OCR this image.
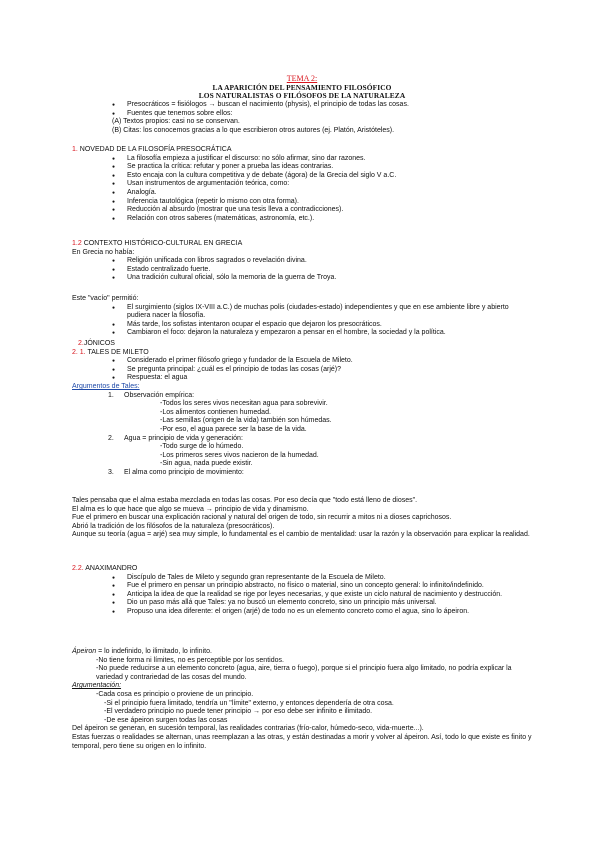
TEMA 2:
LA APARICIÓN DEL PENSAMIENTO FILOSÓFICO
LOS NATURALISTAS O FILÓSOFOS DE LA NATURALEZA
● Presocráticos = fisiólogos → buscan el nacimiento (physis), el principio de todas las cosas.
● Fuentes que tenemos sobre ellos:
(A) Textos propios: casi no se conservan.
(B) Citas: los conocemos gracias a lo que escribieron otros autores (ej. Platón, Aristóteles).
1. NOVEDAD DE LA FILOSOFÍA PRESOCRÁTICA
● La filosofía empieza a justificar el discurso: no sólo afirmar, sino dar razones.
● Se practica la crítica: refutar y poner a prueba las ideas contrarias.
● Esto encaja con la cultura competitiva y de debate (ágora) de la Grecia del siglo V a.C.
● Usan instrumentos de argumentación teórica, como:
● Analogía.
● Inferencia tautológica (repetir lo mismo con otra forma).
● Reducción al absurdo (mostrar que una tesis lleva a contradicciones).
● Relación con otros saberes (matemáticas, astronomía, etc.).
1.2 CONTEXTO HISTÓRICO-CULTURAL EN GRECIA
En Grecia no había:
● Religión unificada con libros sagrados o revelación divina.
● Estado centralizado fuerte.
● Una tradición cultural oficial, sólo la memoria de la guerra de Troya.
Este "vacío" permitió:
● El surgimiento (siglos IX-VIII a.C.) de muchas polis (ciudades-estado) independientes y que en ese ambiente libre y abierto pudiera nacer la filosofía.
● Más tarde, los sofistas intentaron ocupar el espacio que dejaron los presocráticos.
● Cambiaron el foco: dejaron la naturaleza y empezaron a pensar en el hombre, la sociedad y la política.
2.JÓNICOS
2. 1. TALES DE MILETO
● Considerado el primer filósofo griego y fundador de la Escuela de Mileto.
● Se pregunta principal: ¿cuál es el principio de todas las cosas (arjé)?
● Respuesta: el agua
Argumentos de Tales:
1. Observación empírica:
-Todos los seres vivos necesitan agua para sobrevivir.
-Los alimentos contienen humedad.
-Las semillas (origen de la vida) también son húmedas.
-Por eso, el agua parece ser la base de la vida.
2. Agua = principio de vida y generación:
-Todo surge de lo húmedo.
-Los primeros seres vivos nacieron de la humedad.
-Sin agua, nada puede existir.
3. El alma como principio de movimiento:
Tales pensaba que el alma estaba mezclada en todas las cosas. Por eso decía que "todo está lleno de dioses".
El alma es lo que hace que algo se mueva → principio de vida y dinamismo.
Fue el primero en buscar una explicación racional y natural del origen de todo, sin recurrir a mitos ni a dioses caprichosos.
Abrió la tradición de los filósofos de la naturaleza (presocráticos).
Aunque su teoría (agua = arjé) sea muy simple, lo fundamental es el cambio de mentalidad: usar la razón y la observación para explicar la realidad.
2.2. ANAXIMANDRO
● Discípulo de Tales de Mileto y segundo gran representante de la Escuela de Mileto.
● Fue el primero en pensar un principio abstracto, no físico o material, sino un concepto general: lo infinito/indefinido.
● Anticipa la idea de que la realidad se rige por leyes necesarias, y que existe un ciclo natural de nacimiento y destrucción.
● Dio un paso más allá que Tales: ya no buscó un elemento concreto, sino un principio más universal.
● Propuso una idea diferente: el origen (arjé) de todo no es un elemento concreto como el agua, sino lo ápeiron.
Ápeiron = lo indefinido, lo ilimitado, lo infinito.
-No tiene forma ni límites, no es perceptible por los sentidos.
-No puede reducirse a un elemento concreto (agua, aire, tierra o fuego), porque si el principio fuera algo limitado, no podría explicar la variedad y contrariedad de las cosas del mundo.
Argumentación:
-Cada cosa es principio o proviene de un principio.
-Si el principio fuera limitado, tendría un "límite" externo, y entonces dependería de otra cosa.
-El verdadero principio no puede tener principio → por eso debe ser infinito e ilimitado.
-De ese ápeiron surgen todas las cosas
Del ápeiron se generan, en sucesión temporal, las realidades contrarias (frío-calor, húmedo-seco, vida-muerte...).
Estas fuerzas o realidades se alternan, unas reemplazan a las otras, y están destinadas a morir y volver al ápeiron. Así, todo lo que existe es finito y temporal, pero tiene su origen en lo infinito.
